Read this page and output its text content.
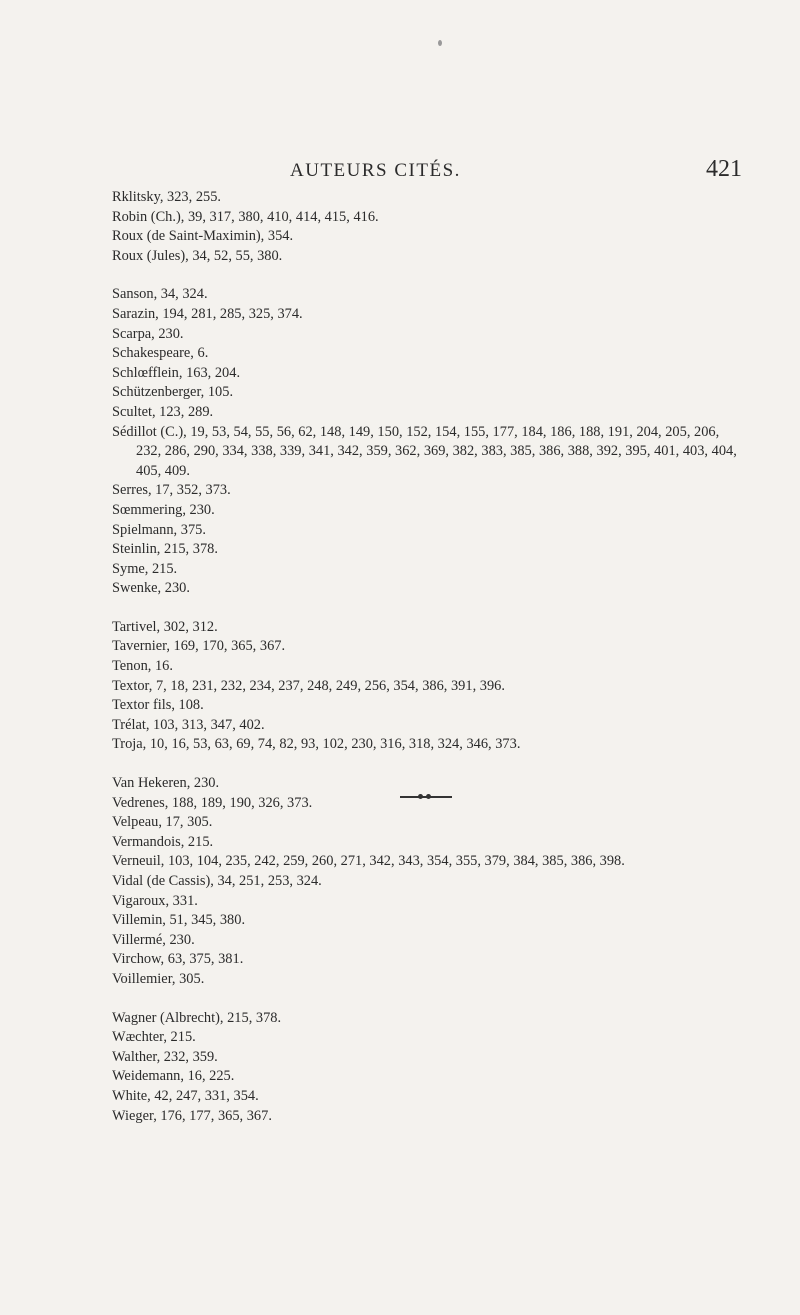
AUTEURS CITÉS.	421
Rklitsky, 323, 255.
Robin (Ch.), 39, 317, 380, 410, 414, 415, 416.
Roux (de Saint-Maximin), 354.
Roux (Jules), 34, 52, 55, 380.
Sanson, 34, 324.
Sarazin, 194, 281, 285, 325, 374.
Scarpa, 230.
Schakespeare, 6.
Schlœfflein, 163, 204.
Schützenberger, 105.
Scultet, 123, 289.
Sédillot (C.), 19, 53, 54, 55, 56, 62, 148, 149, 150, 152, 154, 155, 177, 184, 186, 188, 191, 204, 205, 206, 232, 286, 290, 334, 338, 339, 341, 342, 359, 362, 369, 382, 383, 385, 386, 388, 392, 395, 401, 403, 404, 405, 409.
Serres, 17, 352, 373.
Sœmmering, 230.
Spielmann, 375.
Steinlin, 215, 378.
Syme, 215.
Swenke, 230.
Tartivel, 302, 312.
Tavernier, 169, 170, 365, 367.
Tenon, 16.
Textor, 7, 18, 231, 232, 234, 237, 248, 249, 256, 354, 386, 391, 396.
Textor fils, 108.
Trélat, 103, 313, 347, 402.
Troja, 10, 16, 53, 63, 69, 74, 82, 93, 102, 230, 316, 318, 324, 346, 373.
Van Hekeren, 230.
Vedrenes, 188, 189, 190, 326, 373.
Velpeau, 17, 305.
Vermandois, 215.
Verneuil, 103, 104, 235, 242, 259, 260, 271, 342, 343, 354, 355, 379, 384, 385, 386, 398.
Vidal (de Cassis), 34, 251, 253, 324.
Vigaroux, 331.
Villemin, 51, 345, 380.
Villermé, 230.
Virchow, 63, 375, 381.
Voillemier, 305.
Wagner (Albrecht), 215, 378.
Wæchter, 215.
Walther, 232, 359.
Weidemann, 16, 225.
White, 42, 247, 331, 354.
Wieger, 176, 177, 365, 367.
